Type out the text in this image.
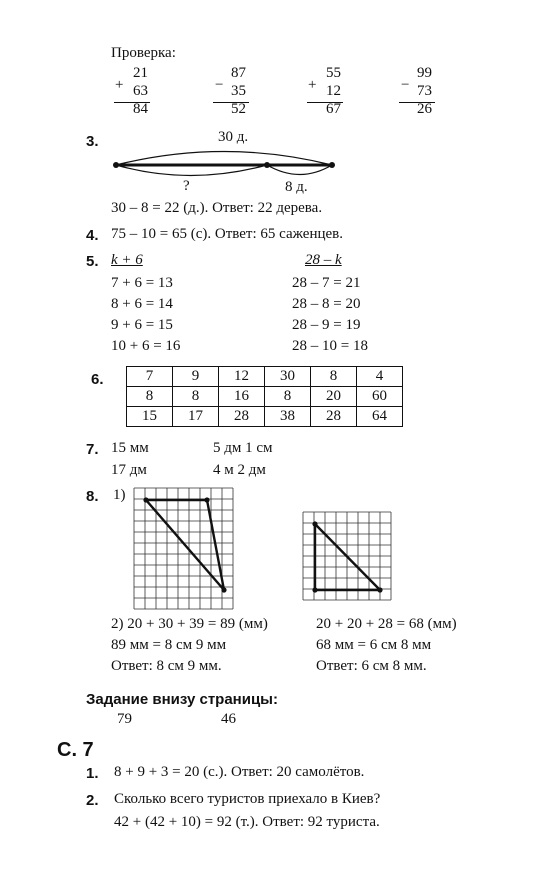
Проверка:
+
21
63
84
−
87
35
52
+
55
12
67
−
99
73
26
3.	30 д.
?	8 д.
30 – 8 = 22 (д.). Ответ: 22 дерева.
4. 75 – 10 = 65 (с). Ответ: 65 саженцев.
5. k + 6	28 – k
7 + 6 = 13
8 + 6 = 14
9 + 6 = 15
10 + 6 = 16
28 – 7 = 21
28 – 8 = 20
28 – 9 = 19
28 – 10 = 18
6.	7	9	12	30	8	4
8	8	16	8	20	60
15	17	28	38	28	64
7. 15 мм	5 дм 1 см
17 дм	4 м 2 дм
8. 1)
2) 20 + 30 + 39 = 89 (мм)
89 мм = 8 см 9 мм
Ответ: 8 см 9 мм.
20 + 20 + 28 = 68 (мм)
68 мм = 6 см 8 мм
Ответ: 6 см 8 мм.
Задание внизу страницы:
79	46
С. 7
1. 8 + 9 + 3 = 20 (с.). Ответ: 20 самолётов.
2. Сколько всего туристов приехало в Киев?
42 + (42 + 10) = 92 (т.). Ответ: 92 туриста.
